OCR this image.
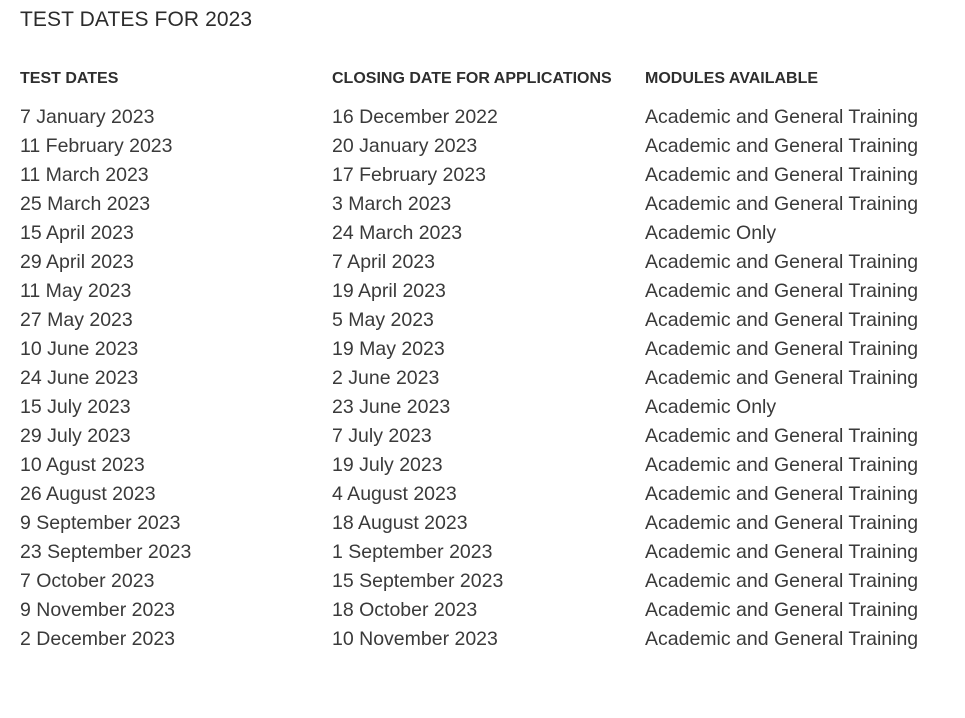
TEST DATES FOR 2023
TEST DATES	CLOSING DATE FOR APPLICATIONS	MODULES AVAILABLE
7 January 2023	16 December 2022	Academic and General Training
11 February 2023	20 January 2023	Academic and General Training
11 March 2023	17 February 2023	Academic and General Training
25 March 2023	3 March 2023	Academic and General Training
15 April 2023	24 March 2023	Academic Only
29 April 2023	7 April 2023	Academic and General Training
11 May 2023	19 April 2023	Academic and General Training
27 May 2023	5 May 2023	Academic and General Training
10 June 2023	19 May 2023	Academic and General Training
24 June 2023	2 June 2023	Academic and General Training
15 July 2023	23 June 2023	Academic Only
29 July 2023	7 July 2023	Academic and General Training
10 Agust 2023	19 July 2023	Academic and General Training
26 August 2023	4 August 2023	Academic and General Training
9 September 2023	18 August 2023	Academic and General Training
23 September 2023	1 September 2023	Academic and General Training
7 October 2023	15 September 2023	Academic and General Training
9 November 2023	18 October 2023	Academic and General Training
2 December 2023	10 November 2023	Academic and General Training
